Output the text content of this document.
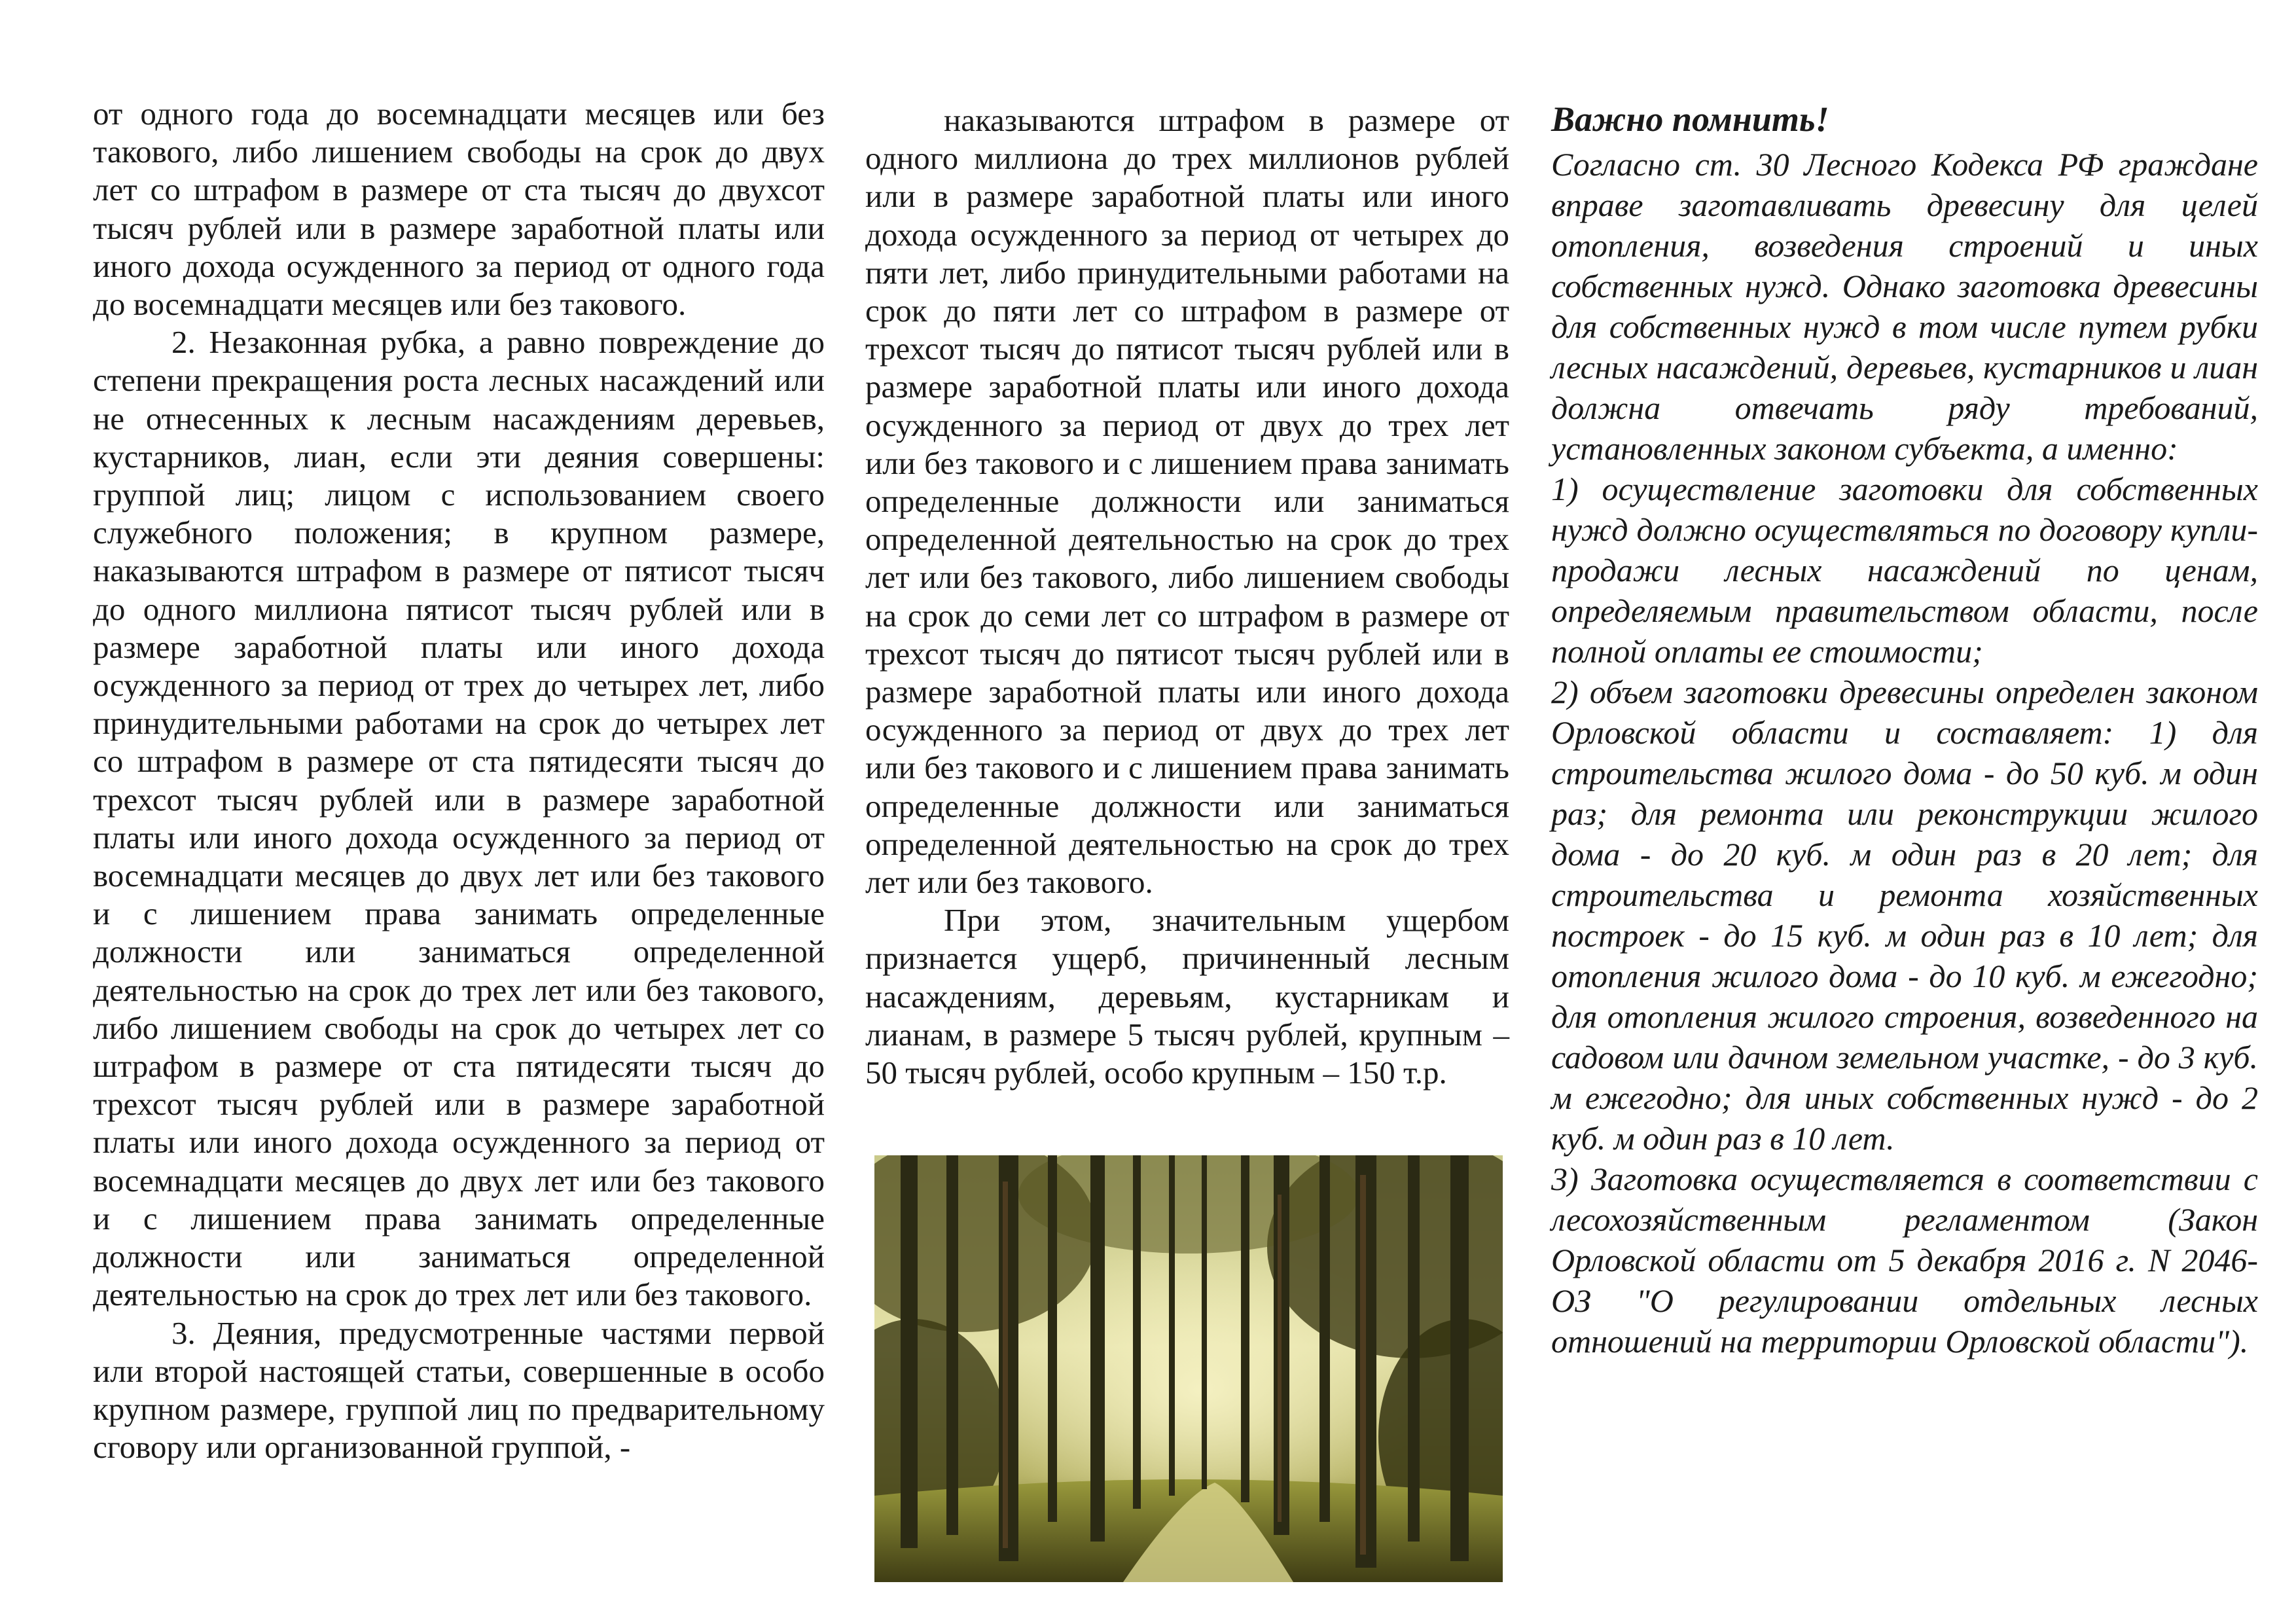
от одного года до восемнадцати месяцев или без такового, либо лишением свободы на срок до двух лет со штрафом в размере от ста тысяч до двухсот тысяч рублей или в размере заработной платы или иного дохода осужденного за период от одного года до восемнадцати месяцев или без такового.

2. Незаконная рубка, а равно повреждение до степени прекращения роста лесных насаждений или не отнесенных к лесным насаждениям деревьев, кустарников, лиан, если эти деяния совершены: группой лиц; лицом с использованием своего служебного положения; в крупном размере, наказываются штрафом в размере от пятисот тысяч до одного миллиона пятисот тысяч рублей или в размере заработной платы или иного дохода осужденного за период от трех до четырех лет, либо принудительными работами на срок до четырех лет со штрафом в размере от ста пятидесяти тысяч до трехсот тысяч рублей или в размере заработной платы или иного дохода осужденного за период от восемнадцати месяцев до двух лет или без такового и с лишением права занимать определенные должности или заниматься определенной деятельностью на срок до трех лет или без такового, либо лишением свободы на срок до четырех лет со штрафом в размере от ста пятидесяти тысяч до трехсот тысяч рублей или в размере заработной платы или иного дохода осужденного за период от восемнадцати месяцев до двух лет или без такового и с лишением права занимать определенные должности или заниматься определенной деятельностью на срок до трех лет или без такового.

3. Деяния, предусмотренные частями первой или второй настоящей статьи, совершенные в особо крупном размере, группой лиц по предварительному сговору или организованной группой, -

наказываются штрафом в размере от одного миллиона до трех миллионов рублей или в размере заработной платы или иного дохода осужденного за период от четырех до пяти лет, либо принудительными работами на срок до пяти лет со штрафом в размере от трехсот тысяч до пятисот тысяч рублей или в размере заработной платы или иного дохода осужденного за период от двух до трех лет или без такового и с лишением права занимать определенные должности или заниматься определенной деятельностью на срок до трех лет или без такового, либо лишением свободы на срок до семи лет со штрафом в размере от трехсот тысяч до пятисот тысяч рублей или в размере заработной платы или иного дохода осужденного за период от двух до трех лет или без такового и с лишением права занимать определенные должности или заниматься определенной деятельностью на срок до трех лет или без такового.

При этом, значительным ущербом признается ущерб, причиненный лесным насаждениям, деревьям, кустарникам и лианам, в размере 5 тысяч рублей, крупным – 50 тысяч рублей, особо крупным – 150 т.р.

Важно помнить!

Согласно ст. 30 Лесного Кодекса РФ граждане вправе заготавливать древесину для целей отопления, возведения строений и иных собственных нужд. Однако заготовка древесины для собственных нужд в том числе путем рубки лесных насаждений, деревьев, кустарников и лиан должна отвечать ряду требований, установленных законом субъекта, а именно:

1) осуществление заготовки для собственных нужд должно осуществляться по договору купли-продажи лесных насаждений по ценам, определяемым правительством области, после полной оплаты ее стоимости;

2) объем заготовки древесины определен законом Орловской области и составляет: 1) для строительства жилого дома - до 50 куб. м один раз; для ремонта или реконструкции жилого дома - до 20 куб. м один раз в 20 лет; для строительства и ремонта хозяйственных построек - до 15 куб. м один раз в 10 лет; для отопления жилого дома - до 10 куб. м ежегодно; для отопления жилого строения, возведенного на садовом или дачном земельном участке, - до 3 куб. м ежегодно; для иных собственных нужд - до 2 куб. м один раз в 10 лет.

3) Заготовка осуществляется в соответствии с лесохозяйственным регламентом (Закон Орловской области от 5 декабря 2016 г. N 2046-ОЗ "О регулировании отдельных лесных отношений на территории Орловской области").
